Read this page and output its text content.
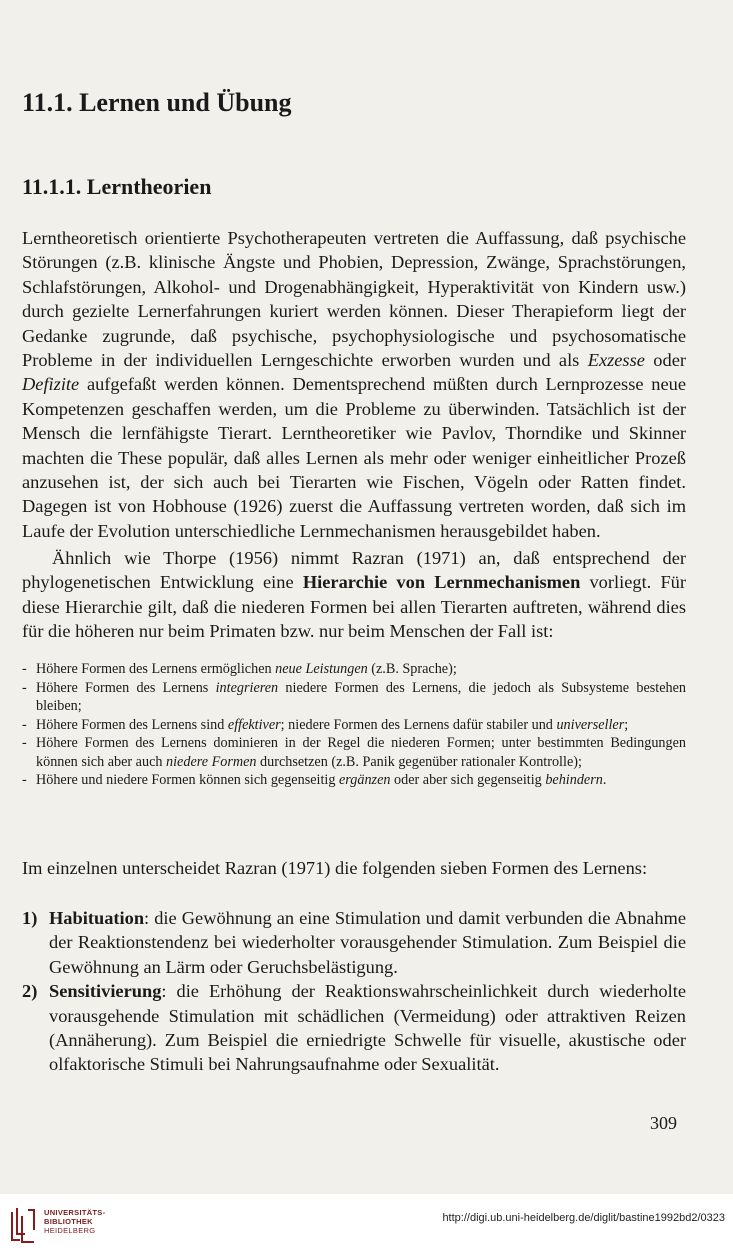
11.1. Lernen und Übung
11.1.1. Lerntheorien

Lerntheoretisch orientierte Psychotherapeuten vertreten die Auffassung, daß psychische Störungen (z.B. klinische Ängste und Phobien, Depression, Zwänge, Sprachstörungen, Schlafstörungen, Alkohol- und Drogenabhängigkeit, Hyperaktivität von Kindern usw.) durch gezielte Lernerfahrungen kuriert werden können. Dieser Therapieform liegt der Gedanke zugrunde, daß psychische, psychophysiologische und psychosomatische Probleme in der individuellen Lerngeschichte erworben wurden und als Exzesse oder Defizite aufgefaßt werden können. Dementsprechend müßten durch Lernprozesse neue Kompetenzen geschaffen werden, um die Probleme zu überwinden. Tatsächlich ist der Mensch die lernfähigste Tierart. Lerntheoretiker wie Pavlov, Thorndike und Skinner machten die These populär, daß alles Lernen als mehr oder weniger einheitlicher Prozeß anzusehen ist, der sich auch bei Tierarten wie Fischen, Vögeln oder Ratten findet. Dagegen ist von Hobhouse (1926) zuerst die Auffassung vertreten worden, daß sich im Laufe der Evolution unterschiedliche Lernmechanismen herausgebildet haben.

Ähnlich wie Thorpe (1956) nimmt Razran (1971) an, daß entsprechend der phylogenetischen Entwicklung eine Hierarchie von Lernmechanismen vorliegt. Für diese Hierarchie gilt, daß die niederen Formen bei allen Tierarten auftreten, während dies für die höheren nur beim Primaten bzw. nur beim Menschen der Fall ist:

- Höhere Formen des Lernens ermöglichen neue Leistungen (z.B. Sprache);
- Höhere Formen des Lernens integrieren niedere Formen des Lernens, die jedoch als Subsysteme bestehen bleiben;
- Höhere Formen des Lernens sind effektiver; niedere Formen des Lernens dafür stabiler und universeller;
- Höhere Formen des Lernens dominieren in der Regel die niederen Formen; unter bestimmten Bedingungen können sich aber auch niedere Formen durchsetzen (z.B. Panik gegenüber rationaler Kontrolle);
- Höhere und niedere Formen können sich gegenseitig ergänzen oder aber sich gegenseitig behindern.

Im einzelnen unterscheidet Razran (1971) die folgenden sieben Formen des Lernens:

1) Habituation: die Gewöhnung an eine Stimulation und damit verbunden die Abnahme der Reaktionstendenz bei wiederholter vorausgehender Stimulation. Zum Beispiel die Gewöhnung an Lärm oder Geruchsbelästigung.
2) Sensitivierung: die Erhöhung der Reaktionswahrscheinlichkeit durch wiederholte vorausgehende Stimulation mit schädlichen (Vermeidung) oder attraktiven Reizen (Annäherung). Zum Beispiel die erniedrigte Schwelle für visuelle, akustische oder olfaktorische Stimuli bei Nahrungsaufnahme oder Sexualität.
309
UNIVERSITÄTS-
BIBLIOTHEK
HEIDELBERG
http://digi.ub.uni-heidelberg.de/diglit/bastine1992bd2/0323
